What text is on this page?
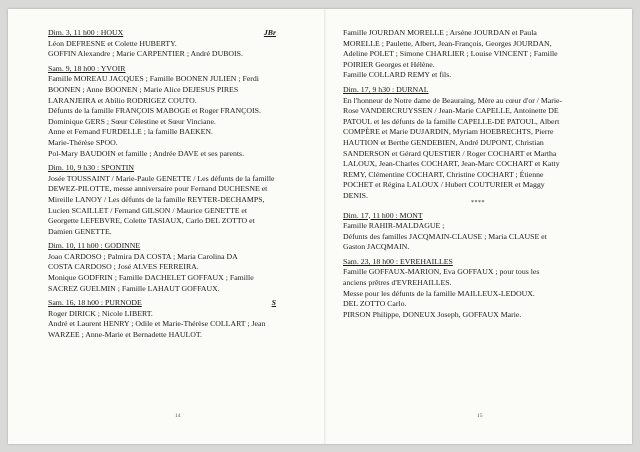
Dim. 3, 11 h00 : HOUX	JBr
Léon DEFRESNE et Colette HUBERTY.
GOFFIN Alexandre ; Marie CARPENTIER ; André DUBOIS.
Sam. 9, 18 h00 : YVOIR
Famille MOREAU JACQUES ; Famille BOONEN JULIEN ; Ferdi
BOONEN ; Anne BOONEN ; Marie Alice DEJESUS PIRES
LARANJEIRA et Abílio RODRIGEZ COUTO.
Défunts de la famille FRANÇOIS MABOGE et Roger FRANÇOIS.
Dominique GERS ; Sœur Célestine et Sœur Vinciane.
Anne et Fernand FURDELLE ; la famille BAEKEN.
Marie-Thérèse SPOO.
Pol-Mary BAUDOIN et famille ; Andrée DAVE et ses parents.
Dim. 10, 9 h30 : SPONTIN
Josée TOUSSAINT / Marie-Paule GENETTE / Les défunts de la famille
DEWEZ-PILOTTE, messe anniversaire pour Fernand DUCHESNE et
Mireille LANOY / Les défunts de la famille REYTER-DECHAMPS,
Lucien SCAILLET / Fernand GILSON / Maurice GENETTE et
Georgette LEFEBVRE, Colette TASIAUX, Carlo DEL ZOTTO et
Damien GENETTE.
Dim. 10, 11 h00 : GODINNE
Joao CARDOSO ; Palmira DA COSTA ; Maria Carolina DA
COSTA CARDOSO ; José ALVES FERREIRA.
Monique GODFRIN ; Famille DACHELET GOFFAUX ; Famille
SACREZ GUELMIN ; Famille LAHAUT GOFFAUX.
Sam. 16, 18 h00 : PURNODE	S
Roger DIRICK ; Nicole LIBERT.
André et Laurent HENRY ; Odile et Marie-Thérèse COLLART ; Jean
WARZEE ; Anne-Marie et Bernadette HAULOT.
14
Famille JOURDAN MORELLE ; Arsène JOURDAN et Paula
MORELLE ; Paulette, Albert, Jean-François, Georges JOURDAN,
Adeline POLET ; Simone CHARLIER ; Louise VINCENT ; Famille
POIRIER Georges et Hélène.
Famille COLLARD REMY et fils.
Dim. 17, 9 h30 : DURNAL
En l'honneur de Notre dame de Beauraing, Mère au cœur d'or / Marie-
Rose VANDERCRUYSSEN / Jean-Marie CAPELLE, Antoinette DE
PATOUL et les défunts de la famille CAPELLE-DE PATOUL, Albert
COMPÈRE et Marie DUJARDIN, Myriam HOEBRECHTS, Pierre
HAUTION et Berthe GENDEBIEN, André DUPONT, Christian
SANDERSON et Gérard QUESTIER / Roger COCHART et Martha
LALOUX, Jean-Charles COCHART, Jean-Marc COCHART et Katty
REMY, Clémentine COCHART, Christine COCHART ; Étienne
POCHET et Régina LALOUX / Hubert COUTURIER et Maggy
DENIS.
****
Dim. 17, 11 h00 : MONT
Famille RAHIR-MALDAGUE ;
Défunts des familles JACQMAIN-CLAUSE ; Maria CLAUSE et
Gaston JACQMAIN.
Sam. 23, 18 h00 : EVREHAILLES
Famille GOFFAUX-MARION, Eva GOFFAUX ; pour tous les
anciens prêtres d'EVREHAILLES.
Messe pour les défunts de la famille MAILLEUX-LEDOUX.
DEL ZOTTO Carlo.
PIRSON Philippe, DONEUX Joseph, GOFFAUX Marie.
15
